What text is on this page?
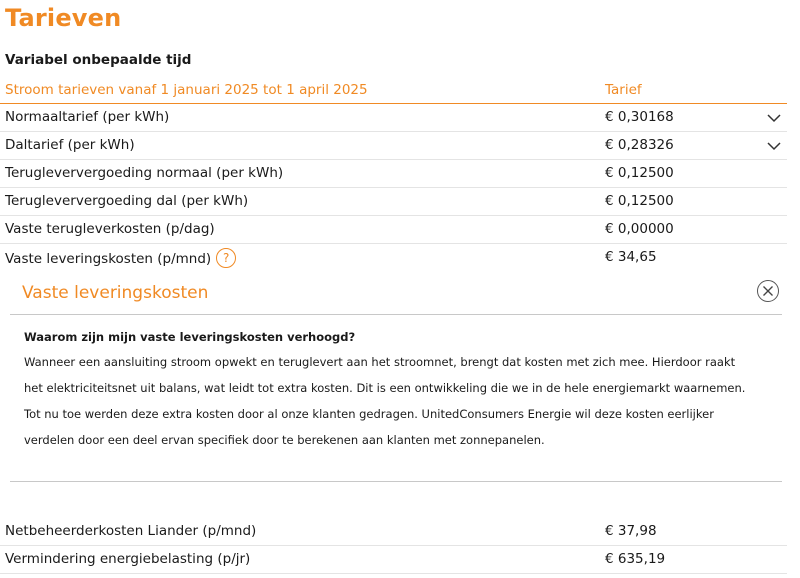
Tarieven
Variabel onbepaalde tijd
Stroom tarieven vanaf 1 januari 2025 tot 1 april 2025	Tarief
Normaaltarief (per kWh)	€ 0,30168
Daltarief (per kWh)	€ 0,28326
Terugleververgoeding normaal (per kWh)	€ 0,12500
Terugleververgoeding dal (per kWh)	€ 0,12500
Vaste terugleverkosten (p/dag)	€ 0,00000
Vaste leveringskosten (p/mnd) ?	€ 34,65
Vaste leveringskosten
Waarom zijn mijn vaste leveringskosten verhoogd?
Wanneer een aansluiting stroom opwekt en teruglevert aan het stroomnet, brengt dat kosten met zich mee. Hierdoor raakt
het elektriciteitsnet uit balans, wat leidt tot extra kosten. Dit is een ontwikkeling die we in de hele energiemarkt waarnemen.
Tot nu toe werden deze extra kosten door al onze klanten gedragen. UnitedConsumers Energie wil deze kosten eerlijker
verdelen door een deel ervan specifiek door te berekenen aan klanten met zonnepanelen.
Netbeheerderkosten Liander (p/mnd)	€ 37,98
Vermindering energiebelasting (p/jr)	€ 635,19
